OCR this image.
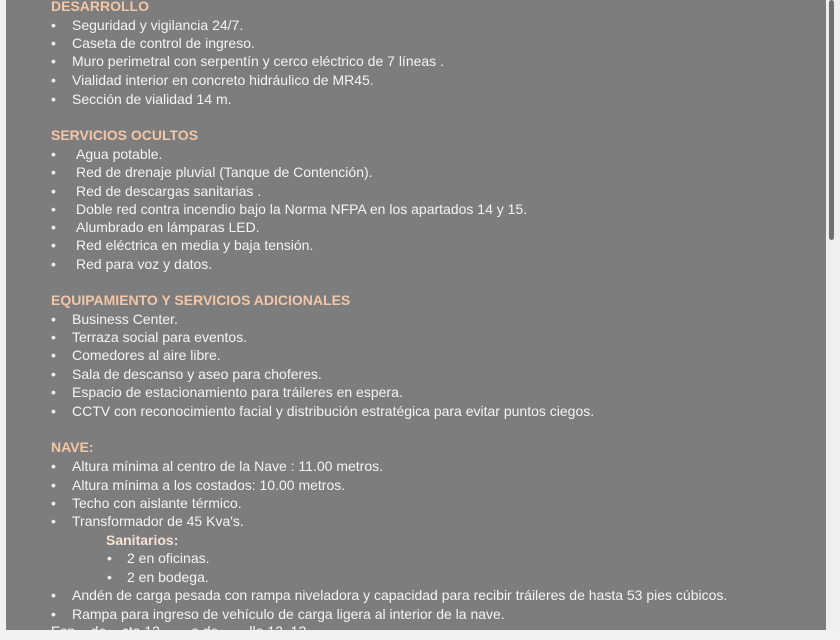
DESARROLLO
• Seguridad y vigilancia 24/7.
• Caseta de control de ingreso.
• Muro perimetral con serpentín y cerco eléctrico de 7 líneas .
• Vialidad interior en concreto hidráulico de MR45.
• Sección de vialidad 14 m.
SERVICIOS OCULTOS
• Agua potable.
• Red de drenaje pluvial (Tanque de Contención).
• Red de descargas sanitarias .
• Doble red contra incendio bajo la Norma NFPA en los apartados 14 y 15.
• Alumbrado en lámparas LED.
• Red eléctrica en media y baja tensión.
• Red para voz y datos.
EQUIPAMIENTO Y SERVICIOS ADICIONALES
• Business Center.
• Terraza social para eventos.
• Comedores al aire libre.
• Sala de descanso y aseo para choferes.
• Espacio de estacionamiento para tráileres en espera.
• CCTV con reconocimiento facial y distribución estratégica para evitar puntos ciegos.
NAVE:
• Altura mínima al centro de la Nave : 11.00 metros.
• Altura mínima a los costados: 10.00 metros.
• Techo con aislante térmico.
• Transformador de 45 Kva's.
Sanitarios:
• 2 en oficinas.
• 2 en bodega.
• Andén de carga pesada con rampa niveladora y capacidad para recibir tráileres de hasta 53 pies cúbicos.
• Rampa para ingreso de vehículo de carga ligera al interior de la nave.
Esp... de ...cta 12 ... ...a de ... ...lle 12, 12
